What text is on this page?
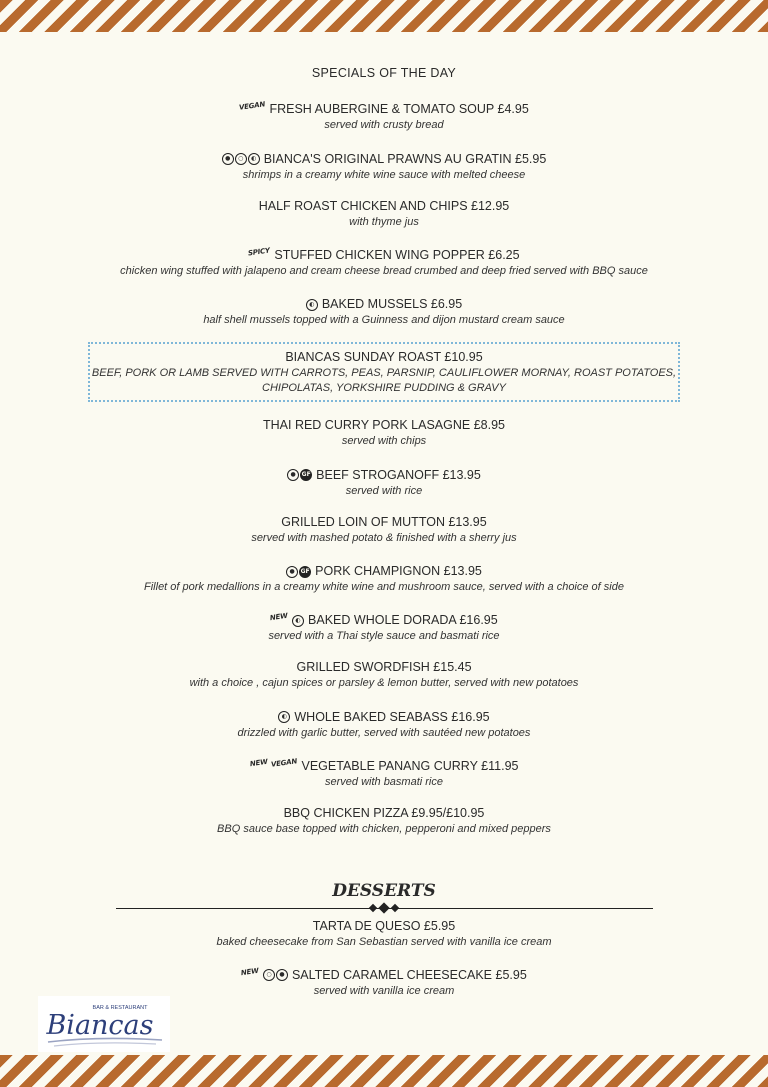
SPECIALS OF THE DAY
VEGAN FRESH AUBERGINE & TOMATO SOUP £4.95
served with crusty bread
●	○	◐ BIANCA'S ORIGINAL PRAWNS AU GRATIN £5.95
shrimps in a creamy white wine sauce with melted cheese
HALF ROAST CHICKEN AND CHIPS £12.95
with thyme jus
SPICY STUFFED CHICKEN WING POPPER £6.25
chicken wing stuffed with jalapeno and cream cheese bread crumbed and deep fried served with BBQ sauce
◐ BAKED MUSSELS £6.95
half shell mussels topped with a Guinness and dijon mustard cream sauce
BIANCAS SUNDAY ROAST £10.95
BEEF, PORK OR LAMB SERVED WITH CARROTS, PEAS, PARSNIP, CAULIFLOWER MORNAY, ROAST POTATOES,
CHIPOLATAS, YORKSHIRE PUDDING & GRAVY
THAI RED CURRY PORK LASAGNE £8.95
served with chips
● GF BEEF STROGANOFF £13.95
served with rice
GRILLED LOIN OF MUTTON £13.95
served with mashed potato & finished with a sherry jus
● GF PORK CHAMPIGNON £13.95
Fillet of pork medallions in a creamy white wine and mushroom sauce, served with a choice of side
NEW	◐ BAKED WHOLE DORADA £16.95
served with a Thai style sauce and basmati rice
GRILLED SWORDFISH £15.45
with a choice , cajun spices or parsley & lemon butter, served with new potatoes
◐ WHOLE BAKED SEABASS £16.95
drizzled with garlic butter, served with sautéed new potatoes
NEW VEGAN VEGETABLE PANANG CURRY £11.95
served with basmati rice
BBQ CHICKEN PIZZA £9.95/£10.95
BBQ sauce base topped with chicken, pepperoni and mixed peppers
DESSERTS
TARTA DE QUESO £5.95
baked cheesecake from San Sebastian served with vanilla ice cream
NEW	○	● SALTED CARAMEL CHEESECAKE £5.95
served with vanilla ice cream
BAR & RESTAURANT
Biancas
